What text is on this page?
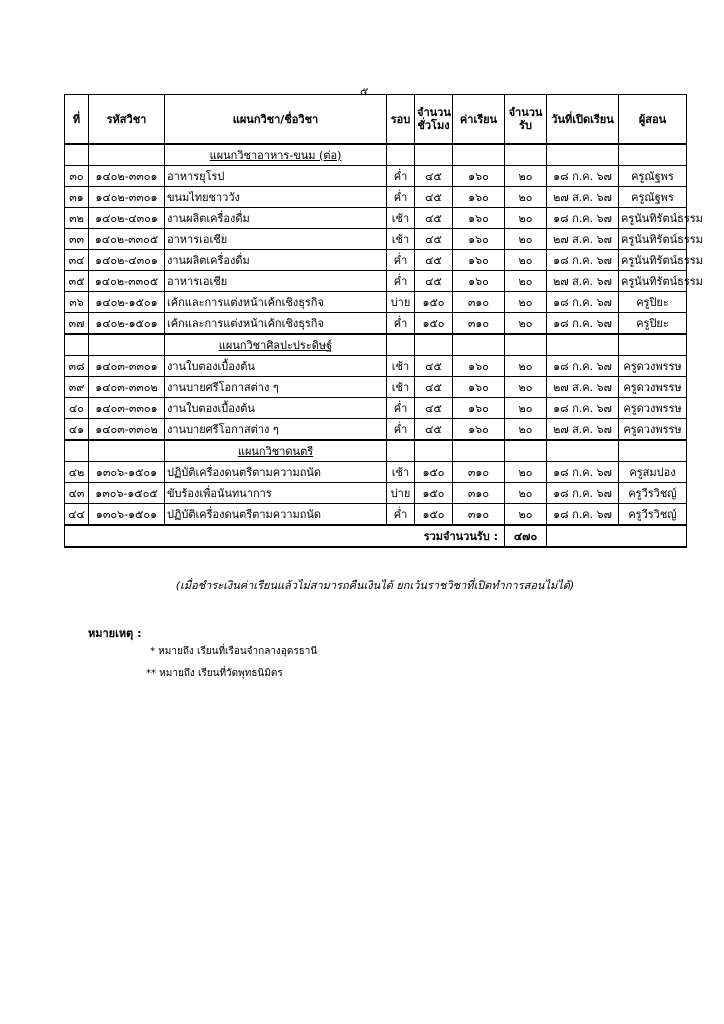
๕
ที่	รหัสวิชา	แผนกวิชา/ชื่อวิชา	รอบ	จำนวนชั่วโมง	ค่าเรียน	จำนวนรับ	วันที่เปิดเรียน	ผู้สอน
		แผนกวิชาอาหาร-ขนม (ต่อ)						
๓๐	๑๔๐๒-๓๓๐๑	อาหารยุโรป	ค่ำ	๔๕	๑๖๐	๒๐	๑๘ ก.ค. ๖๗	ครูณัฐพร
๓๑	๑๔๐๒-๓๓๐๑	ขนมไทยชาววัง	ค่ำ	๔๕	๑๖๐	๒๐	๒๗ ส.ค. ๖๗	ครูณัฐพร
๓๒	๑๔๐๒-๔๓๐๑	งานผลิตเครื่องดื่ม	เช้า	๔๕	๑๖๐	๒๐	๑๘ ก.ค. ๖๗	ครูนันทิรัตน์ธรรม
๓๓	๑๔๐๒-๓๓๐๕	อาหารเอเชีย	เช้า	๔๕	๑๖๐	๒๐	๒๗ ส.ค. ๖๗	ครูนันทิรัตน์ธรรม
๓๔	๑๔๐๒-๔๓๐๑	งานผลิตเครื่องดื่ม	ค่ำ	๔๕	๑๖๐	๒๐	๑๘ ก.ค. ๖๗	ครูนันทิรัตน์ธรรม
๓๕	๑๔๐๒-๓๓๐๕	อาหารเอเชีย	ค่ำ	๔๕	๑๖๐	๒๐	๒๗ ส.ค. ๖๗	ครูนันทิรัตน์ธรรม
๓๖	๑๔๐๒-๑๕๐๑	เค้กและการแต่งหน้าเค้กเชิงธุรกิจ	บ่าย	๑๕๐	๓๑๐	๒๐	๑๘ ก.ค. ๖๗	ครูปิยะ
๓๗	๑๔๐๒-๑๕๐๑	เค้กและการแต่งหน้าเค้กเชิงธุรกิจ	ค่ำ	๑๕๐	๓๑๐	๒๐	๑๘ ก.ค. ๖๗	ครูปิยะ
		แผนกวิชาศิลปะประดิษฐ์						
๓๘	๑๔๐๓-๓๓๐๑	งานใบตองเบื้องต้น	เช้า	๔๕	๑๖๐	๒๐	๑๘ ก.ค. ๖๗	ครูดวงพรรษ
๓๙	๑๔๐๓-๓๓๐๒	งานบายศรีโอกาสต่าง ๆ	เช้า	๔๕	๑๖๐	๒๐	๒๗ ส.ค. ๖๗	ครูดวงพรรษ
๔๐	๑๔๐๓-๓๓๐๑	งานใบตองเบื้องต้น	ค่ำ	๔๕	๑๖๐	๒๐	๑๘ ก.ค. ๖๗	ครูดวงพรรษ
๔๑	๑๔๐๓-๓๓๐๒	งานบายศรีโอกาสต่าง ๆ	ค่ำ	๔๕	๑๖๐	๒๐	๒๗ ส.ค. ๖๗	ครูดวงพรรษ
		แผนกวิชาดนตรี						
๔๒	๑๓๐๖-๑๕๐๑	ปฏิบัติเครื่องดนตรีตามความถนัด	เช้า	๑๕๐	๓๑๐	๒๐	๑๘ ก.ค. ๖๗	ครูสมปอง
๔๓	๑๓๐๖-๑๕๐๕	ขับร้องเพื่อนันทนาการ	บ่าย	๑๕๐	๓๑๐	๒๐	๑๘ ก.ค. ๖๗	ครูวีรวิชญ์
๔๔	๑๓๐๖-๑๕๐๑	ปฏิบัติเครื่องดนตรีตามความถนัด	ค่ำ	๑๕๐	๓๑๐	๒๐	๑๘ ก.ค. ๖๗	ครูวีรวิชญ์
รวมจำนวนรับ :						๔๗๐		
(เมื่อชำระเงินค่าเรียนแล้วไม่สามารถคืนเงินได้ ยกเว้นราชวิชาที่เปิดทำการสอนไม่ได้)
หมายเหตุ :
* หมายถึง เรียนที่เรือนจำกลางอุดรธานี
** หมายถึง เรียนที่วัดพุทธนิมิตร
